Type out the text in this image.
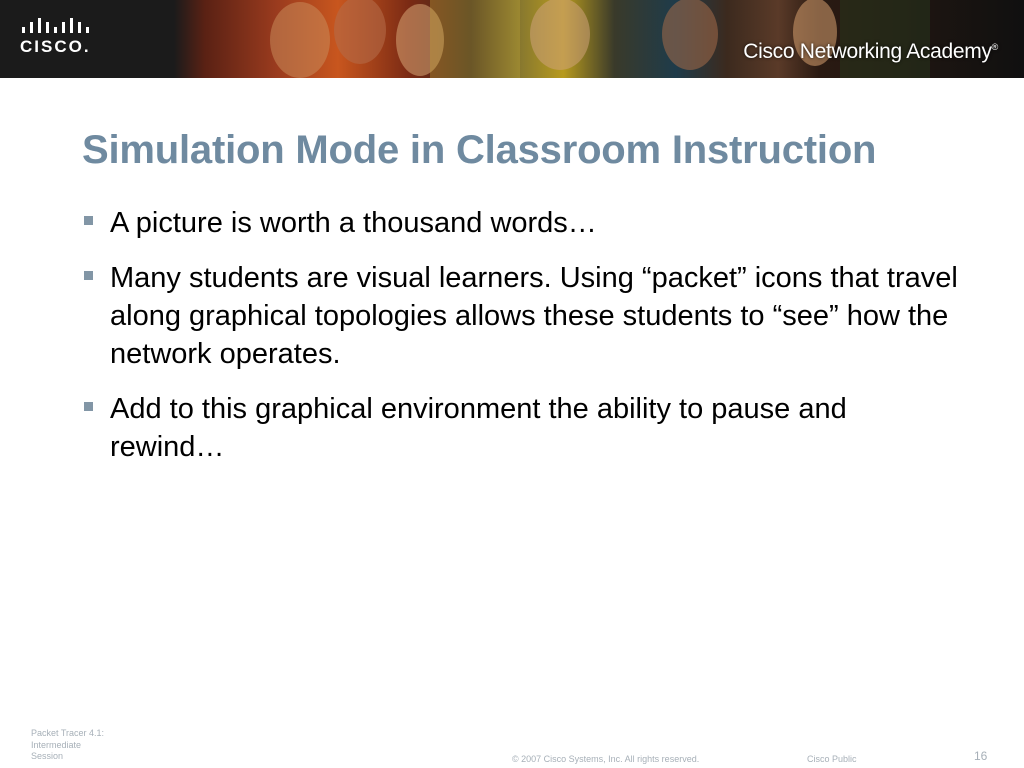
CISCO.	Cisco Networking Academy®
Simulation Mode in Classroom Instruction
A picture is worth a thousand words…
Many students are visual learners. Using “packet” icons that travel along graphical topologies allows these students to “see” how the network operates.
Add to this graphical environment the ability to pause and rewind…
Packet Tracer 4.1:
Intermediate
Session	© 2007 Cisco Systems, Inc. All rights reserved.	Cisco Public	16
